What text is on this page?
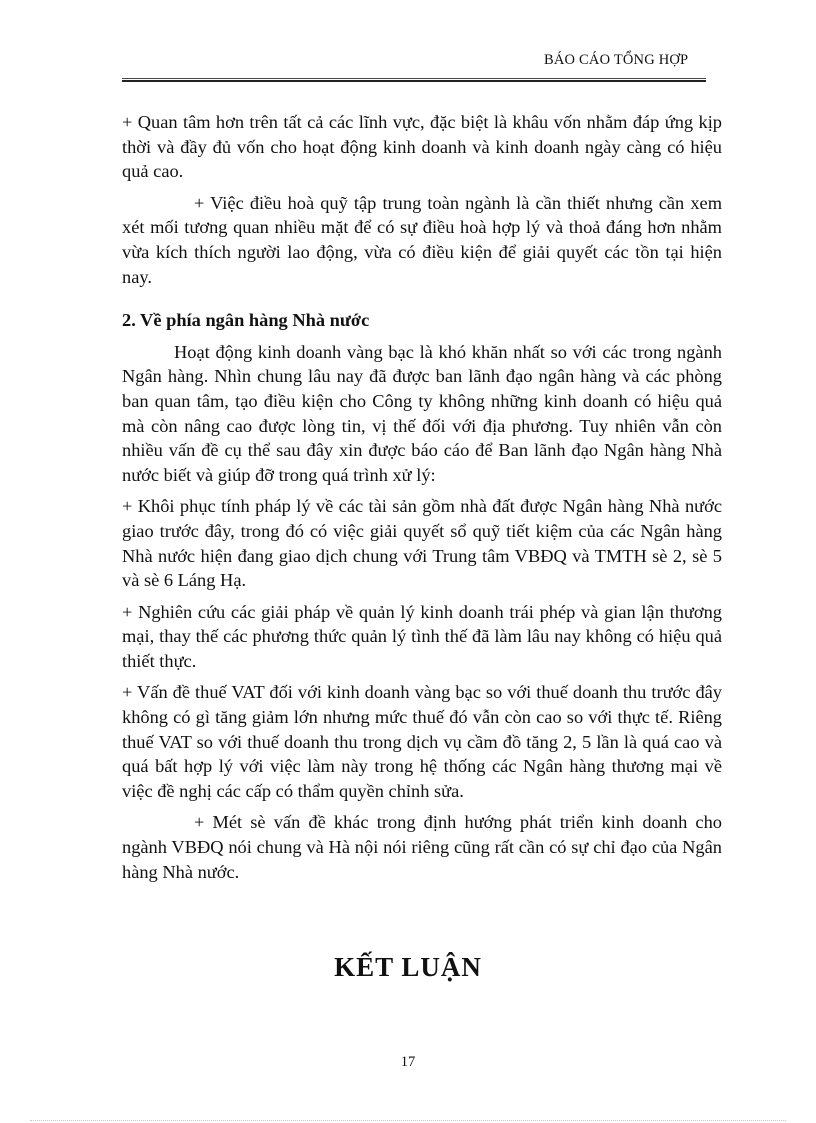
BÁO CÁO TỔNG HỢP

+ Quan tâm hơn trên tất cả các lĩnh vực, đặc biệt là khâu vốn nhằm đáp ứng kịp thời và đầy đủ vốn cho hoạt động kinh doanh và kinh doanh ngày càng có hiệu quả cao.

+ Việc điều hoà quỹ tập trung toàn ngành là cần thiết nhưng cần xem xét mối tương quan nhiều mặt để có sự điều hoà hợp lý và thoả đáng hơn nhằm vừa kích thích người lao động, vừa có điều kiện để giải quyết các tồn tại hiện nay.

2. Về phía ngân hàng Nhà nước

Hoạt động kinh doanh vàng bạc là khó khăn nhất so với các trong ngành Ngân hàng. Nhìn chung lâu nay đã được ban lãnh đạo ngân hàng và các phòng ban quan tâm, tạo điều kiện cho Công ty không những kinh doanh có hiệu quả mà còn nâng cao được lòng tin, vị thế đối với địa phương. Tuy nhiên vẫn còn nhiều vấn đề cụ thể sau đây xin được báo cáo để Ban lãnh đạo Ngân hàng Nhà nước biết và giúp đỡ trong quá trình xử lý:

+ Khôi phục tính pháp lý về các tài sản gồm nhà đất được Ngân hàng Nhà nước giao trước đây, trong đó có việc giải quyết sổ quỹ tiết kiệm của các Ngân hàng Nhà nước hiện đang giao dịch chung với Trung tâm VBĐQ và TMTH sè 2, sè 5 và sè 6 Láng Hạ.

+ Nghiên cứu các giải pháp về quản lý kinh doanh trái phép và gian lận thương mại, thay thế các phương thức quản lý tình thế đã làm lâu nay không có hiệu quả thiết thực.

+ Vấn đề thuế VAT đối với kinh doanh vàng bạc so với thuế doanh thu trước đây không có gì tăng giảm lớn nhưng mức thuế đó vẫn còn cao so với thực tế. Riêng thuế VAT so với thuế doanh thu trong dịch vụ cầm đồ tăng 2, 5 lần là quá cao và quá bất hợp lý với việc làm này trong hệ thống các Ngân hàng thương mại về việc đề nghị các cấp có thẩm quyền chỉnh sửa.

+ Mét sè vấn đề khác trong định hướng phát triển kinh doanh cho ngành VBĐQ nói chung và Hà nội nói riêng cũng rất cần có sự chỉ đạo của Ngân hàng Nhà nước.

KẾT LUẬN
17
